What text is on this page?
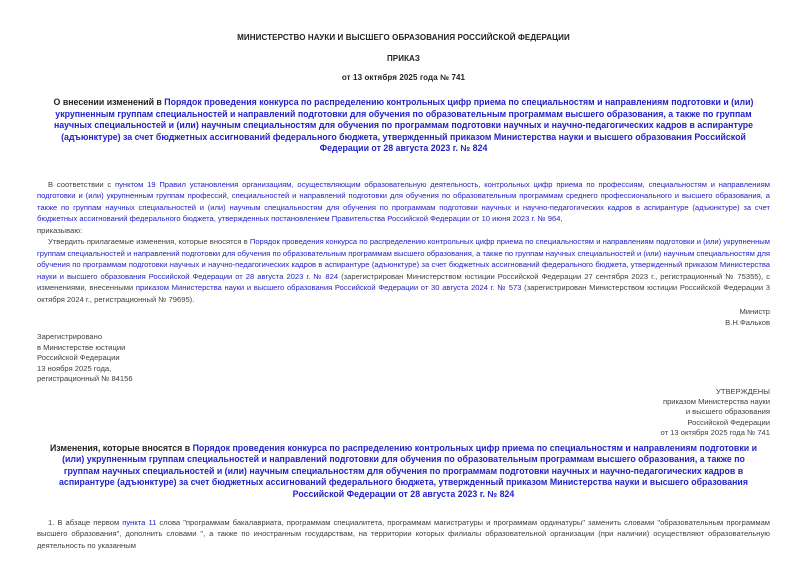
МИНИСТЕРСТВО НАУКИ И ВЫСШЕГО ОБРАЗОВАНИЯ РОССИЙСКОЙ ФЕДЕРАЦИИ
ПРИКАЗ
от 13 октября 2025 года № 741
О внесении изменений в Порядок проведения конкурса по распределению контрольных цифр приема по специальностям и направлениям подготовки и (или) укрупненным группам специальностей и направлений подготовки для обучения по образовательным программам высшего образования, а также по группам научных специальностей и (или) научным специальностям для обучения по программам подготовки научных и научно-педагогических кадров в аспирантуре (адъюнктуре) за счет бюджетных ассигнований федерального бюджета, утвержденный приказом Министерства науки и высшего образования Российской Федерации от 28 августа 2023 г. № 824

В соответствии с пунктом 19 Правил установления организациям, осуществляющим образовательную деятельность, контрольных цифр приема по профессиям, специальностям и направлениям подготовки и (или) укрупненным группам профессий, специальностей и направлений подготовки для обучения по образовательным программам среднего профессионального и высшего образования, а также по группам научных специальностей и (или) научным специальностям для обучения по программам подготовки научных и научно-педагогических кадров в аспирантуре (адъюнктуре) за счет бюджетных ассигнований федерального бюджета, утвержденных постановлением Правительства Российской Федерации от 10 июня 2023 г. № 964,

приказываю:

Утвердить прилагаемые изменения, которые вносятся в Порядок проведения конкурса по распределению контрольных цифр приема по специальностям и направлениям подготовки и (или) укрупненным группам специальностей и направлений подготовки для обучения по образовательным программам высшего образования, а также по группам научных специальностей и (или) научным специальностям для обучения по программам подготовки научных и научно-педагогических кадров в аспирантуре (адъюнктуре) за счет бюджетных ассигнований федерального бюджета, утвержденный приказом Министерства науки и высшего образования Российской Федерации от 28 августа 2023 г. № 824 (зарегистрирован Министерством юстиции Российской Федерации 27 сентября 2023 г., регистрационный № 75355), с изменениями, внесенными приказом Министерства науки и высшего образования Российской Федерации от 30 августа 2024 г. № 573 (зарегистрирован Министерством юстиции Российской Федерации 3 октября 2024 г., регистрационный № 79695).

Министр
В.Н.Фальков
Зарегистрировано
в Министерстве юстиции
Российской Федерации
13 ноября 2025 года,
регистрационный № 84156
УТВЕРЖДЕНЫ
приказом Министерства науки
и высшего образования
Российской Федерации
от 13 октября 2025 года № 741
Изменения, которые вносятся в Порядок проведения конкурса по распределению контрольных цифр приема по специальностям и направлениям подготовки и (или) укрупненным группам специальностей и направлений подготовки для обучения по образовательным программам высшего образования, а также по группам научных специальностей и (или) научным специальностям для обучения по программам подготовки научных и научно-педагогических кадров в аспирантуре (адъюнктуре) за счет бюджетных ассигнований федерального бюджета, утвержденный приказом Министерства науки и высшего образования Российской Федерации от 28 августа 2023 г. № 824

1. В абзаце первом пункта 11 слова "программам бакалавриата, программам специалитета, программам магистратуры и программам ординатуры" заменить словами "образовательным программам высшего образования", дополнить словами ", а также по иностранным государствам, на территории которых филиалы образовательной организации (при наличии) осуществляют образовательную деятельность по указанным
